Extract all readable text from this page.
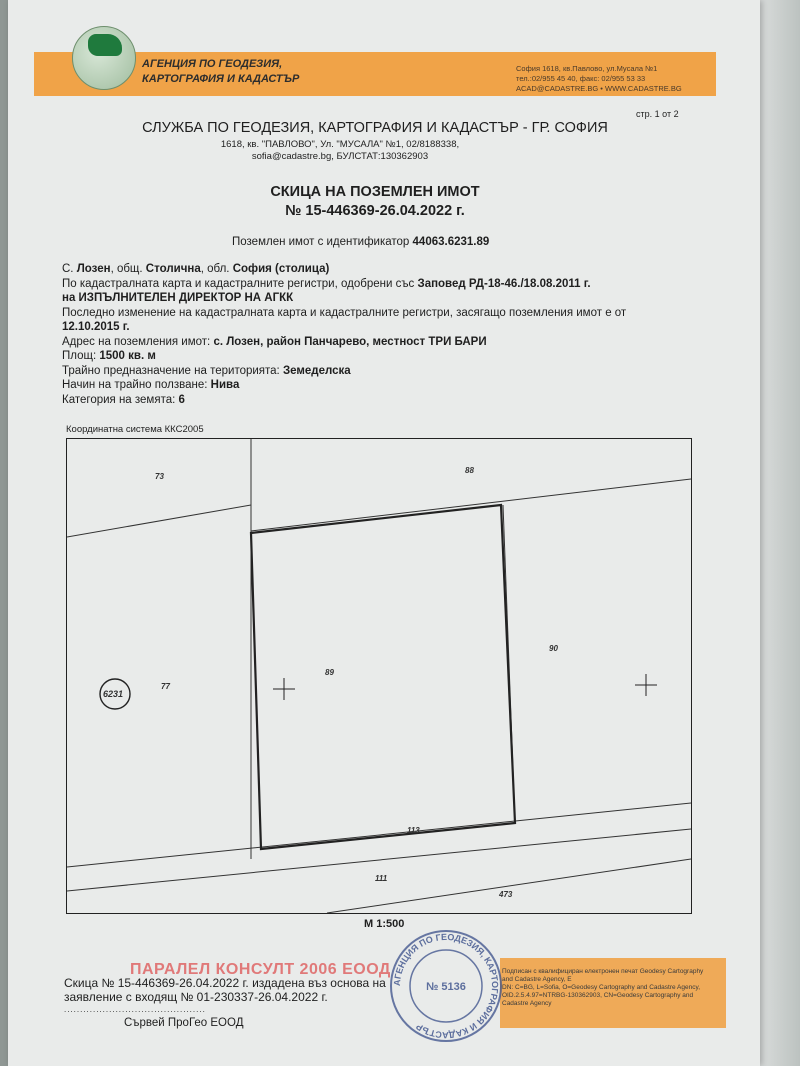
АГЕНЦИЯ ПО ГЕОДЕЗИЯ,
КАРТОГРАФИЯ И КАДАСТЪР
София 1618, кв.Павлово, ул.Мусала №1
тел.:02/955 45 40, факс: 02/955 53 33
ACAD@CADASTRE.BG • WWW.CADASTRE.BG
стр. 1 от 2
СЛУЖБА ПО ГЕОДЕЗИЯ, КАРТОГРАФИЯ И КАДАСТЪР - ГР. СОФИЯ
1618, кв. "ПАВЛОВО", Ул. "МУСАЛА" №1, 02/8188338,
sofia@cadastre.bg, БУЛСТАТ:130362903
СКИЦА НА ПОЗЕМЛЕН ИМОТ
№ 15-446369-26.04.2022 г.
Поземлен имот с идентификатор 44063.6231.89
С. Лозен, общ. Столична, обл. София (столица)
По кадастралната карта и кадастралните регистри, одобрени със Заповед РД-18-46./18.08.2011 г.
на ИЗПЪЛНИТЕЛЕН ДИРЕКТОР НА АГКК
Последно изменение на кадастралната карта и кадастралните регистри, засягащо поземления имот е от
12.10.2015 г.
Адрес на поземления имот: с. Лозен, район Панчарево, местност ТРИ БАРИ
Площ: 1500 кв. м
Трайно предназначение на територията: Земеделска
Начин на трайно ползване: Нива
Категория на земята: 6
Координатна система ККС2005
73
88
89
90
77
113
111
473
6231
М 1:500
Подписан с квалифициран електронен печат Geodesy Cartography
and Cadastre Agency, E
DN: C=BG, L=Sofia, O=Geodesy Cartography and Cadastre Agency,
OID.2.5.4.97=NTRBG-130362903, CN=Geodesy Cartography and
Cadastre Agency
АГЕНЦИЯ ПО ГЕОДЕЗИЯ, КАРТОГРАФИЯ И КАДАСТЪР
№ 5136
ПАРАЛЕЛ КОНСУЛТ 2006 ЕООД
Скица № 15-446369-26.04.2022 г. издадена въз основа на
заявление с входящ № 01-230337-26.04.2022 г.
............................................
Сървей ПроГео ЕООД
